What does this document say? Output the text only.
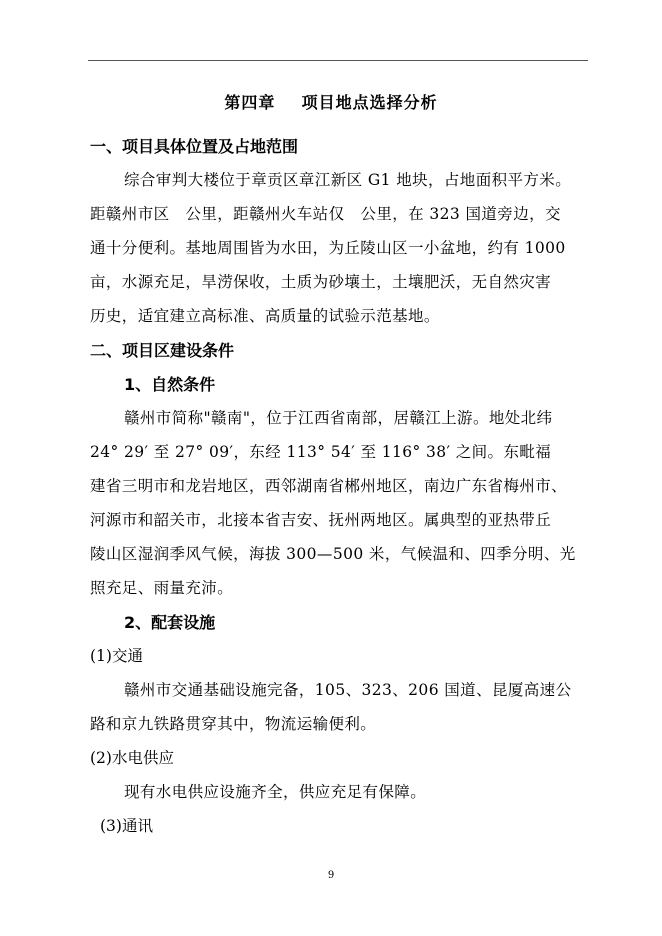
第四章    项目地点选择分析
一、项目具体位置及占地范围
综合审判大楼位于章贡区章江新区 G1 地块，占地面积平方米。
距赣州市区   公里，距赣州火车站仅   公里，在 323 国道旁边，交
通十分便利。基地周围皆为水田，为丘陵山区一小盆地，约有 1000
亩，水源充足，旱涝保收，土质为砂壤土，土壤肥沃，无自然灾害
历史，适宜建立高标准、高质量的试验示范基地。
二、项目区建设条件
1、自然条件
赣州市简称"赣南"，位于江西省南部，居赣江上游。地处北纬
24° 29′ 至 27° 09′，东经 113° 54′ 至 116° 38′ 之间。东毗福
建省三明市和龙岩地区，西邻湖南省郴州地区，南边广东省梅州市、
河源市和韶关市，北接本省吉安、抚州两地区。属典型的亚热带丘
陵山区湿润季风气候，海拔 300—500 米，气候温和、四季分明、光
照充足、雨量充沛。
2、配套设施
(1)交通
赣州市交通基础设施完备，105、323、206 国道、昆厦高速公
路和京九铁路贯穿其中，物流运输便利。
(2)水电供应
现有水电供应设施齐全，供应充足有保障。
(3)通讯
9
